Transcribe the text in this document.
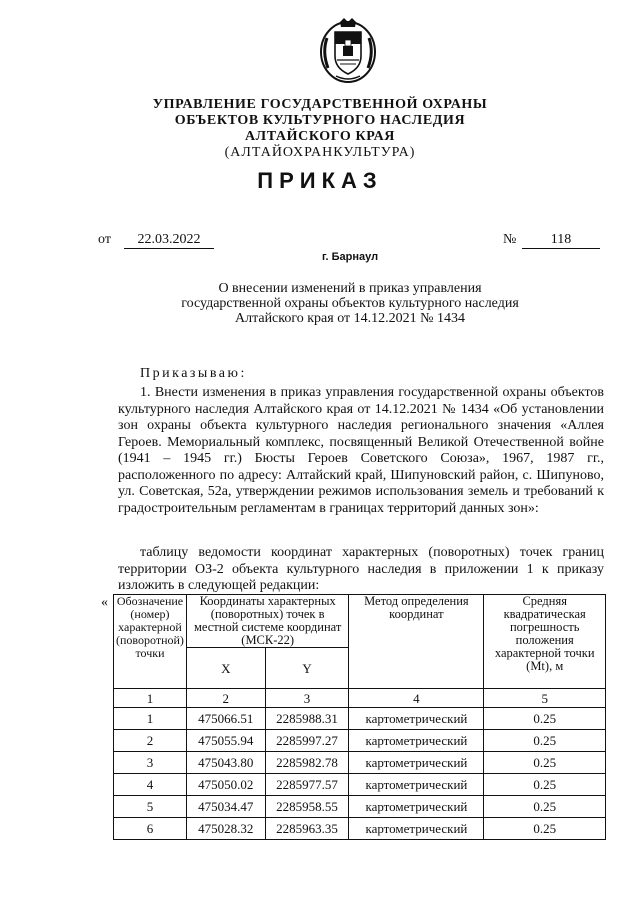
УПРАВЛЕНИЕ ГОСУДАРСТВЕННОЙ ОХРАНЫ
ОБЪЕКТОВ КУЛЬТУРНОГО НАСЛЕДИЯ
АЛТАЙСКОГО КРАЯ
(АЛТАЙОХРАНКУЛЬТУРА)
ПРИКАЗ
от	22.03.2022	№	118
г. Барнаул
О внесении изменений в приказ управления
государственной охраны объектов культурного наследия
Алтайского края от 14.12.2021 № 1434
Приказываю:
1. Внести изменения в приказ управления государственной охраны объектов культурного наследия Алтайского края от 14.12.2021 № 1434 «Об установлении зон охраны объекта культурного наследия регионального значения «Аллея Героев. Мемориальный комплекс, посвященный Великой Отечественной войне (1941 – 1945 гг.) Бюсты Героев Советского Союза», 1967, 1987 гг., расположенного по адресу: Алтайский край, Шипуновский район, с. Шипуново, ул. Советская, 52а, утверждении режимов использования земель и требований к градостроительным регламентам в границах территорий данных зон»:
таблицу ведомости координат характерных (поворотных) точек границ территории ОЗ-2 объекта культурного наследия в приложении 1 к приказу изложить в следующей редакции:
« Обозначение (номер) характерной (поворотной) точки	Координаты характерных (поворотных) точек в местной системе координат (МСК-22)		Метод определения координат	Средняя квадратическая погрешность положения характерной точки (Mt), м
	X	Y		
1	2	3	4	5
1	475066.51	2285988.31	картометрический	0.25
2	475055.94	2285997.27	картометрический	0.25
3	475043.80	2285982.78	картометрический	0.25
4	475050.02	2285977.57	картометрический	0.25
5	475034.47	2285958.55	картометрический	0.25
6	475028.32	2285963.35	картометрический	0.25
